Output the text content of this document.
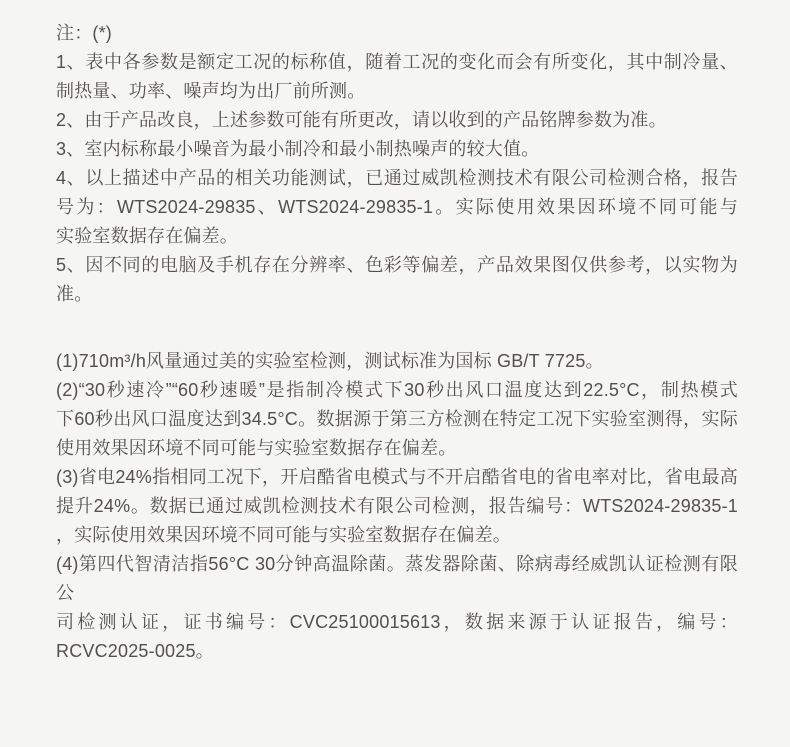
注：(*)
1、表中各参数是额定工况的标称值，随着工况的变化而会有所变化，其中制冷量、
制热量、功率、噪声均为出厂前所测。
2、由于产品改良，上述参数可能有所更改，请以收到的产品铭牌参数为准。
3、室内标称最小噪音为最小制冷和最小制热噪声的较大值。
4、以上描述中产品的相关功能测试，已通过威凯检测技术有限公司检测合格，报告
号为：WTS2024-29835、WTS2024-29835-1。实际使用效果因环境不同可能与
实验室数据存在偏差。
5、因不同的电脑及手机存在分辨率、色彩等偏差，产品效果图仅供参考，以实物为
准。
(1)710m³/h风量通过美的实验室检测，测试标准为国标 GB/T 7725。
(2)“30秒速冷”“60秒速暖”是指制冷模式下30秒出风口温度达到22.5°C，制热模式
下60秒出风口温度达到34.5°C。数据源于第三方检测在特定工况下实验室测得，实际
使用效果因环境不同可能与实验室数据存在偏差。
(3)省电24%指相同工况下，开启酷省电模式与不开启酷省电的省电率对比，省电最高
提升24%。数据已通过威凯检测技术有限公司检测，报告编号：WTS2024-29835-1
，实际使用效果因环境不同可能与实验室数据存在偏差。
(4)第四代智清洁指56°C 30分钟高温除菌。蒸发器除菌、除病毒经威凯认证检测有限公
司检测认证，证书编号：CVC25100015613，数据来源于认证报告，编号：
RCVC2025-0025。
